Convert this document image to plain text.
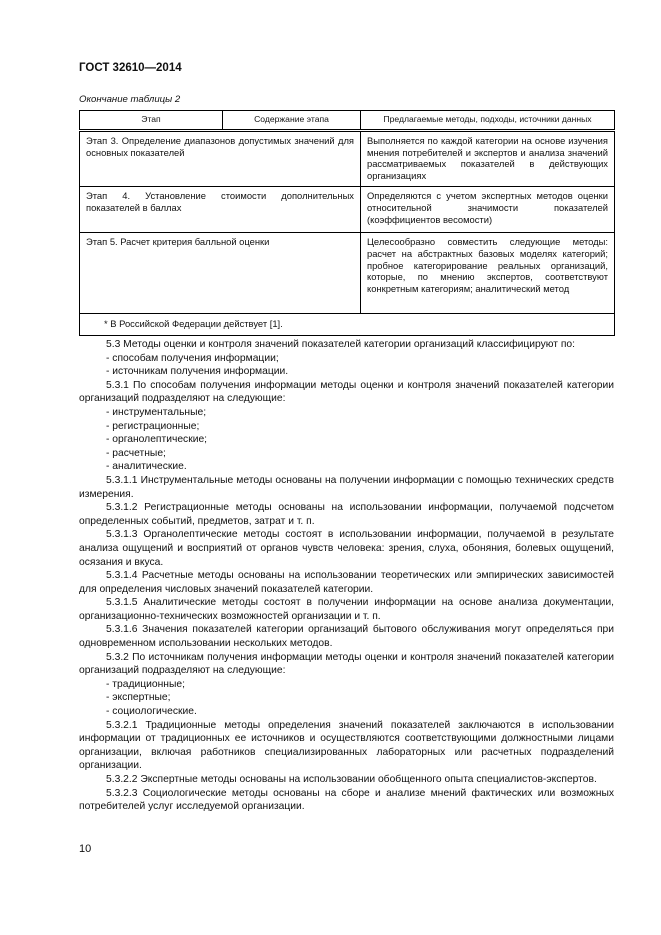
ГОСТ 32610—2014
Окончание таблицы 2
Этап	Содержание этапа	Предлагаемые методы, подходы, источники данных
Этап 3. Определение диапазонов допустимых значений для основных показателей		Выполняется по каждой категории на основе изучения мнения потребителей и экспертов и анализа значений рассматриваемых показателей в действующих организациях
Этап 4. Установление стоимости дополнительных показателей в баллах		Определяются с учетом экспертных методов оценки относительной значимости показателей (коэффициентов весомости)
Этап 5. Расчет критерия балльной оценки		Целесообразно совместить следующие методы: расчет на абстрактных базовых моделях категорий; пробное категорирование реальных организаций, которые, по мнению экспертов, соответствуют конкретным категориям; аналитический метод
* В Российской Федерации действует [1].		

5.3 Методы оценки и контроля значений показателей категории организаций классифицируют по:

- способам получения информации;

- источникам получения информации.

5.3.1 По способам получения информации методы оценки и контроля значений показателей категории организаций подразделяют на следующие:

- инструментальные;

- регистрационные;

- органолептические;

- расчетные;

- аналитические.

5.3.1.1 Инструментальные методы основаны на получении информации с помощью технических средств измерения.

5.3.1.2 Регистрационные методы основаны на использовании информации, получаемой подсчетом определенных событий, предметов, затрат и т. п.

5.3.1.3 Органолептические методы состоят в использовании информации, получаемой в результате анализа ощущений и восприятий от органов чувств человека: зрения, слуха, обоняния, болевых ощущений, осязания и вкуса.

5.3.1.4 Расчетные методы основаны на использовании теоретических или эмпирических зависимостей для определения числовых значений показателей категории.

5.3.1.5 Аналитические методы состоят в получении информации на основе анализа документации, организационно-технических возможностей организации и т. п.

5.3.1.6 Значения показателей категории организаций бытового обслуживания могут определяться при одновременном использовании нескольких методов.

5.3.2 По источникам получения информации методы оценки и контроля значений показателей категории организаций подразделяют на следующие:

- традиционные;

- экспертные;

- социологические.

5.3.2.1 Традиционные методы определения значений показателей заключаются в использовании информации от традиционных ее источников и осуществляются соответствующими должностными лицами организации, включая работников специализированных лабораторных или расчетных подразделений организации.

5.3.2.2 Экспертные методы основаны на использовании обобщенного опыта специалистов-экспертов.

5.3.2.3 Социологические методы основаны на сборе и анализе мнений фактических или возможных потребителей услуг исследуемой организации.

10
